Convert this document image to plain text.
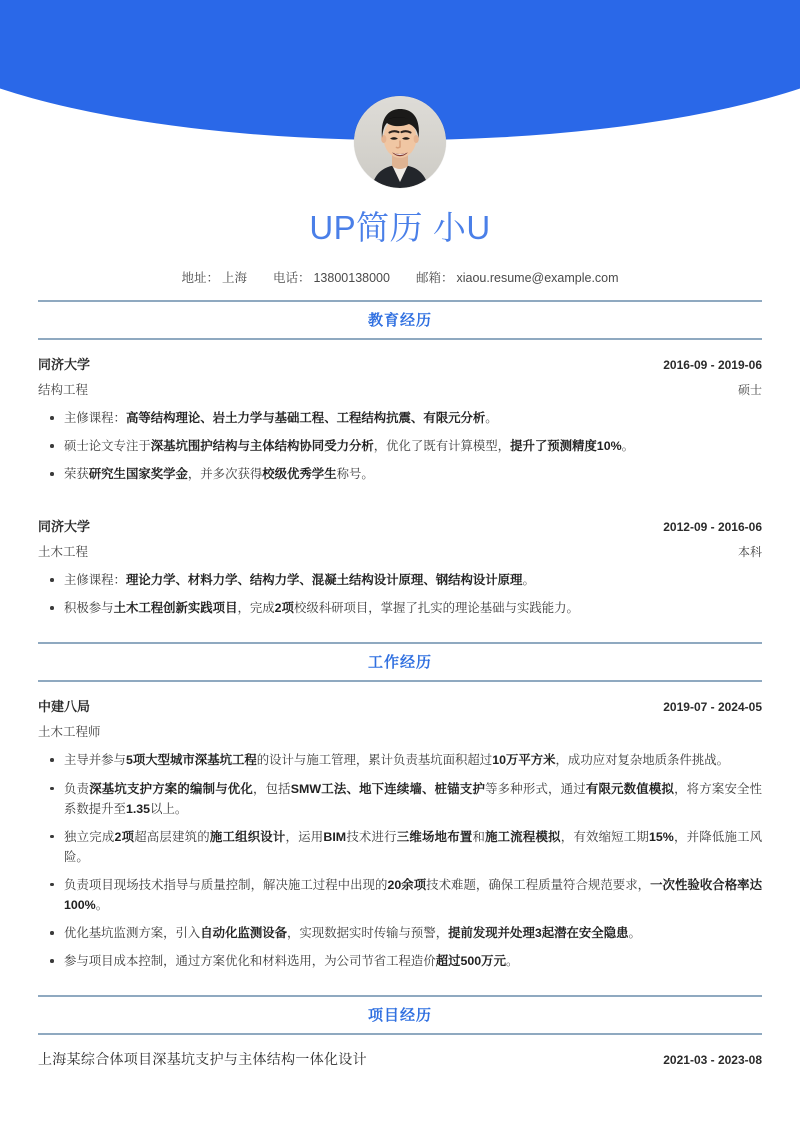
UP简历 小U
地址： 上海 电话： 13800138000 邮箱： xiaou.resume@example.com
教育经历
同济大学	2016-09 - 2019-06
结构工程	硕士
主修课程：高等结构理论、岩土力学与基础工程、工程结构抗震、有限元分析。
硕士论文专注于深基坑围护结构与主体结构协同受力分析，优化了既有计算模型，提升了预测精度10%。
荣获研究生国家奖学金，并多次获得校级优秀学生称号。
同济大学	2012-09 - 2016-06
土木工程	本科
主修课程：理论力学、材料力学、结构力学、混凝土结构设计原理、钢结构设计原理。
积极参与土木工程创新实践项目，完成2项校级科研项目，掌握了扎实的理论基础与实践能力。
工作经历
中建八局	2019-07 - 2024-05
土木工程师
主导并参与5项大型城市深基坑工程的设计与施工管理，累计负责基坑面积超过10万平方米，成功应对复杂地质条件挑战。
负责深基坑支护方案的编制与优化，包括SMW工法、地下连续墙、桩锚支护等多种形式，通过有限元数值模拟，将方案安全性系数提升至1.35以上。
独立完成2项超高层建筑的施工组织设计，运用BIM技术进行三维场地布置和施工流程模拟，有效缩短工期15%，并降低施工风险。
负责项目现场技术指导与质量控制，解决施工过程中出现的20余项技术难题，确保工程质量符合规范要求，一次性验收合格率达100%。
优化基坑监测方案，引入自动化监测设备，实现数据实时传输与预警，提前发现并处理3起潜在安全隐患。
参与项目成本控制，通过方案优化和材料选用，为公司节省工程造价超过500万元。
项目经历
上海某综合体项目深基坑支护与主体结构一体化设计	2021-03 - 2023-08
